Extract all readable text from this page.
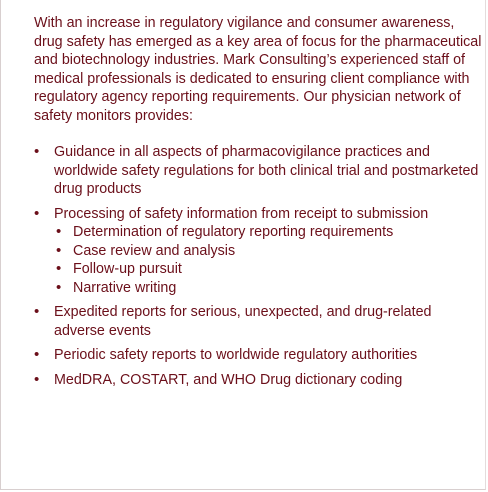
With an increase in regulatory vigilance and consumer awareness, drug safety has emerged as a key area of focus for the pharmaceutical and biotechnology industries. Mark Consulting’s experienced staff of medical professionals is dedicated to ensuring client compliance with regulatory agency reporting requirements. Our physician network of safety monitors provides:

• Guidance in all aspects of pharmacovigilance practices and worldwide safety regulations for both clinical trial and postmarketed drug products
• Processing of safety information from receipt to submission
• Determination of regulatory reporting requirements
• Case review and analysis
• Follow-up pursuit
• Narrative writing
• Expedited reports for serious, unexpected, and drug-related adverse events
• Periodic safety reports to worldwide regulatory authorities
• MedDRA, COSTART, and WHO Drug dictionary coding
